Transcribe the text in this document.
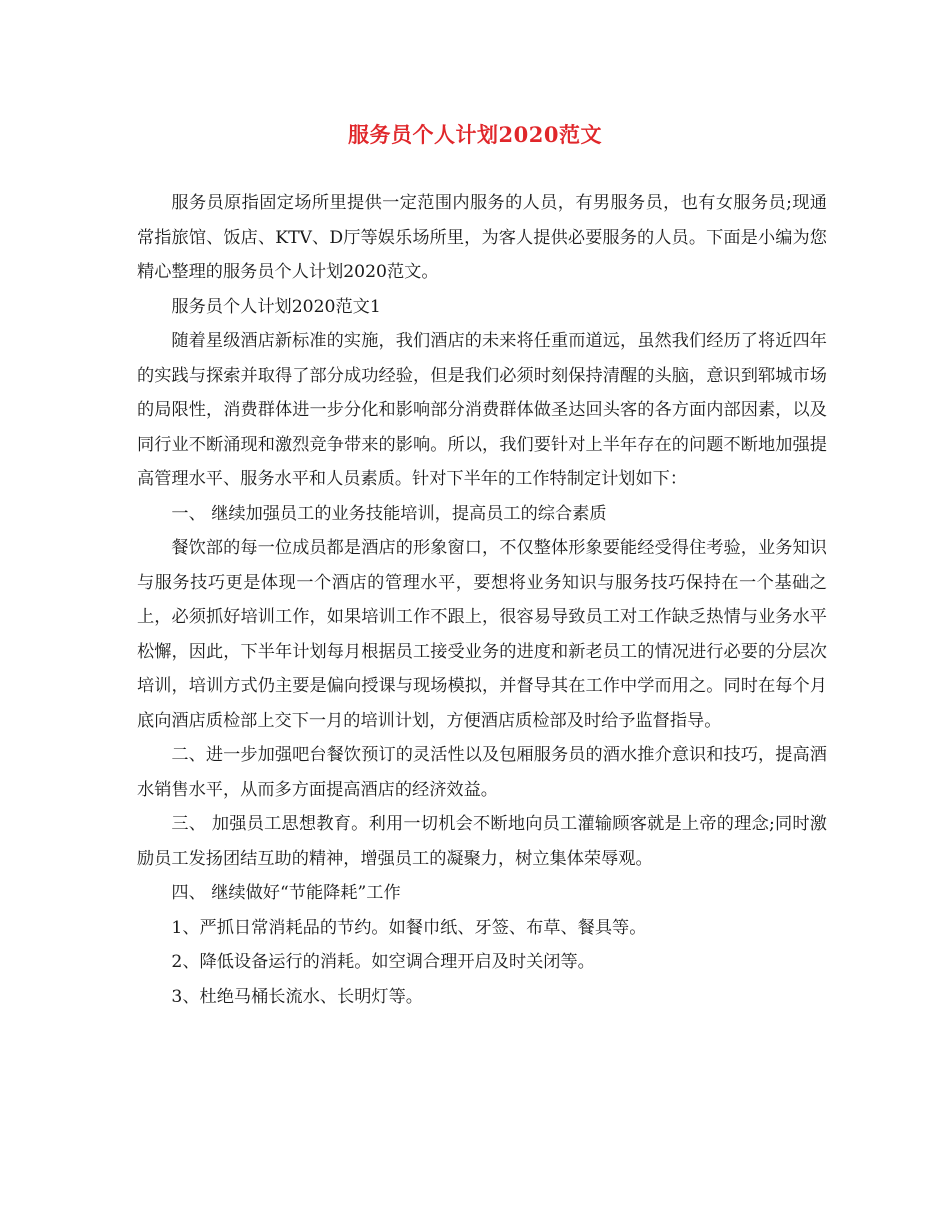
服务员个人计划2020范文

服务员原指固定场所里提供一定范围内服务的人员，有男服务员，也有女服务员;现通常指旅馆、饭店、KTV、D厅等娱乐场所里，为客人提供必要服务的人员。下面是小编为您精心整理的服务员个人计划2020范文。

服务员个人计划2020范文1

随着星级酒店新标准的实施，我们酒店的未来将任重而道远，虽然我们经历了将近四年的实践与探索并取得了部分成功经验，但是我们必须时刻保持清醒的头脑，意识到郓城市场的局限性，消费群体进一步分化和影响部分消费群体做圣达回头客的各方面内部因素，以及同行业不断涌现和激烈竞争带来的影响。所以，我们要针对上半年存在的问题不断地加强提高管理水平、服务水平和人员素质。针对下半年的工作特制定计划如下：

一、 继续加强员工的业务技能培训，提高员工的综合素质

餐饮部的每一位成员都是酒店的形象窗口，不仅整体形象要能经受得住考验，业务知识与服务技巧更是体现一个酒店的管理水平，要想将业务知识与服务技巧保持在一个基础之上，必须抓好培训工作，如果培训工作不跟上，很容易导致员工对工作缺乏热情与业务水平松懈，因此，下半年计划每月根据员工接受业务的进度和新老员工的情况进行必要的分层次培训，培训方式仍主要是偏向授课与现场模拟，并督导其在工作中学而用之。同时在每个月底向酒店质检部上交下一月的培训计划，方便酒店质检部及时给予监督指导。

二、进一步加强吧台餐饮预订的灵活性以及包厢服务员的酒水推介意识和技巧，提高酒水销售水平，从而多方面提高酒店的经济效益。

三、 加强员工思想教育。利用一切机会不断地向员工灌输顾客就是上帝的理念;同时激励员工发扬团结互助的精神，增强员工的凝聚力，树立集体荣辱观。

四、 继续做好“节能降耗”工作

1、严抓日常消耗品的节约。如餐巾纸、牙签、布草、餐具等。

2、降低设备运行的消耗。如空调合理开启及时关闭等。

3、杜绝马桶长流水、长明灯等。
